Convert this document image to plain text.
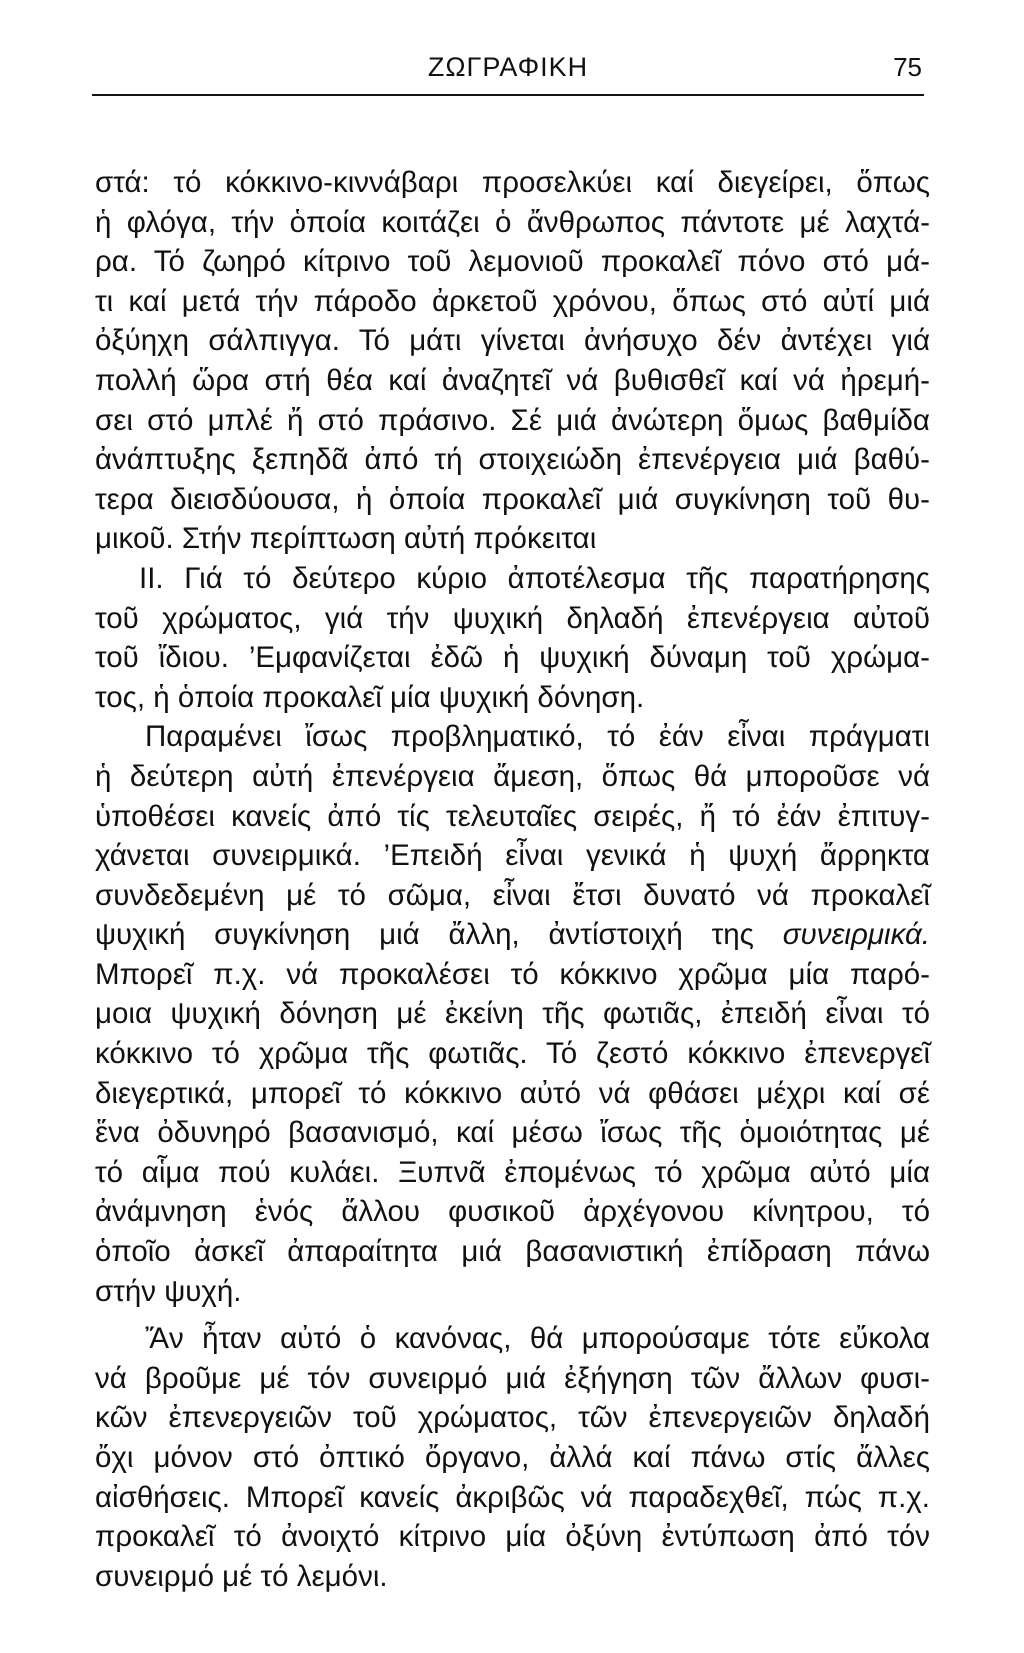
ΖΩΓΡΑΦΙΚΗ	75
στά: τό κόκκινο-κιννάβαρι προσελκύει καί διεγείρει, ὅπως
ἡ φλόγα, τήν ὁποία κοιτάζει ὁ ἄνθρωπος πάντοτε μέ λαχτά-
ρα. Τό ζωηρό κίτρινο τοῦ λεμονιοῦ προκαλεῖ πόνο στό μά-
τι καί μετά τήν πάροδο ἀρκετοῦ χρόνου, ὅπως στό αὐτί μιά
ὀξύηχη σάλπιγγα. Τό μάτι γίνεται ἀνήσυχο δέν ἀντέχει γιά
πολλή ὥρα στή θέα καί ἀναζητεῖ νά βυθισθεῖ καί νά ἠρεμή-
σει στό μπλέ ἤ στό πράσινο. Σέ μιά ἀνώτερη ὅμως βαθμίδα
ἀνάπτυξης ξεπηδᾶ ἀπό τή στοιχειώδη ἐπενέργεια μιά βαθύ-
τερα διεισδύουσα, ἡ ὁποία προκαλεῖ μιά συγκίνηση τοῦ θυ-
μικοῦ. Στήν περίπτωση αὐτή πρόκειται
II. Γιά τό δεύτερο κύριο ἀποτέλεσμα τῆς παρατήρησης
τοῦ χρώματος, γιά τήν ψυχική δηλαδή ἐπενέργεια αὐτοῦ
τοῦ ἴδιου. ’Εμφανίζεται ἐδῶ ἡ ψυχική δύναμη τοῦ χρώμα-
τος, ἡ ὁποία προκαλεῖ μία ψυχική δόνηση.
Παραμένει ἴσως προβληματικό, τό ἐάν εἶναι πράγματι
ἡ δεύτερη αὐτή ἐπενέργεια ἄμεση, ὅπως θά μποροῦσε νά
ὑποθέσει κανείς ἀπό τίς τελευταῖες σειρές, ἤ τό ἐάν ἐπιτυγ-
χάνεται συνειρμικά. ’Επειδή εἶναι γενικά ἡ ψυχή ἄρρηκτα
συνδεδεμένη μέ τό σῶμα, εἶναι ἔτσι δυνατό νά προκαλεῖ
ψυχική συγκίνηση μιά ἄλλη, ἀντίστοιχή της συνειρμικά.
Μπορεῖ π.χ. νά προκαλέσει τό κόκκινο χρῶμα μία παρό-
μοια ψυχική δόνηση μέ ἐκείνη τῆς φωτιᾶς, ἐπειδή εἶναι τό
κόκκινο τό χρῶμα τῆς φωτιᾶς. Τό ζεστό κόκκινο ἐπενεργεῖ
διεγερτικά, μπορεῖ τό κόκκινο αὐτό νά φθάσει μέχρι καί σέ
ἕνα ὀδυνηρό βασανισμό, καί μέσω ἴσως τῆς ὁμοιότητας μέ
τό αἷμα πού κυλάει. Ξυπνᾶ ἐπομένως τό χρῶμα αὐτό μία
ἀνάμνηση ἑνός ἄλλου φυσικοῦ ἀρχέγονου κίνητρου, τό
ὁποῖο ἀσκεῖ ἀπαραίτητα μιά βασανιστική ἐπίδραση πάνω
στήν ψυχή.
Ἄν ἦταν αὐτό ὁ κανόνας, θά μπορούσαμε τότε εὔκολα
νά βροῦμε μέ τόν συνειρμό μιά ἐξήγηση τῶν ἄλλων φυσι-
κῶν ἐπενεργειῶν τοῦ χρώματος, τῶν ἐπενεργειῶν δηλαδή
ὄχι μόνον στό ὀπτικό ὄργανο, ἀλλά καί πάνω στίς ἄλλες
αἰσθήσεις. Μπορεῖ κανείς ἀκριβῶς νά παραδεχθεῖ, πώς π.χ.
προκαλεῖ τό ἀνοιχτό κίτρινο μία ὀξύνη ἐντύπωση ἀπό τόν
συνειρμό μέ τό λεμόνι.
